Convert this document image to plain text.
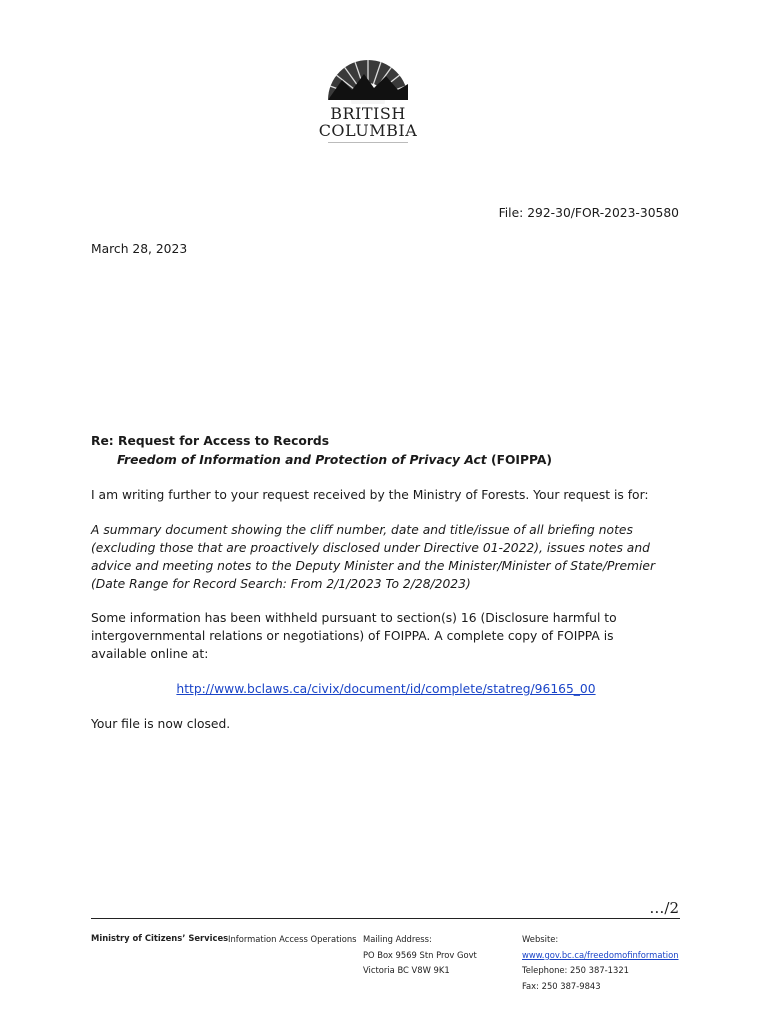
BRITISH
COLUMBIA
File: 292-30/FOR-2023-30580
March 28, 2023
Re: Request for Access to Records
Freedom of Information and Protection of Privacy Act (FOIPPA)
I am writing further to your request received by the Ministry of Forests. Your request is for:
A summary document showing the cliff number, date and title/issue of all briefing notes (excluding those that are proactively disclosed under Directive 01-2022), issues notes and advice and meeting notes to the Deputy Minister and the Minister/Minister of State/Premier (Date Range for Record Search: From 2/1/2023 To 2/28/2023)
Some information has been withheld pursuant to section(s) 16 (Disclosure harmful to intergovernmental relations or negotiations) of FOIPPA. A complete copy of FOIPPA is available online at:
http://www.bclaws.ca/civix/document/id/complete/statreg/96165_00
Your file is now closed.
…/2
Ministry of Citizens’ Services Information Access Operations Mailing Address:
PO Box 9569 Stn Prov Govt
Victoria BC V8W 9K1
Website:
www.gov.bc.ca/freedomofinformation
Telephone: 250 387-1321
Fax: 250 387-9843
